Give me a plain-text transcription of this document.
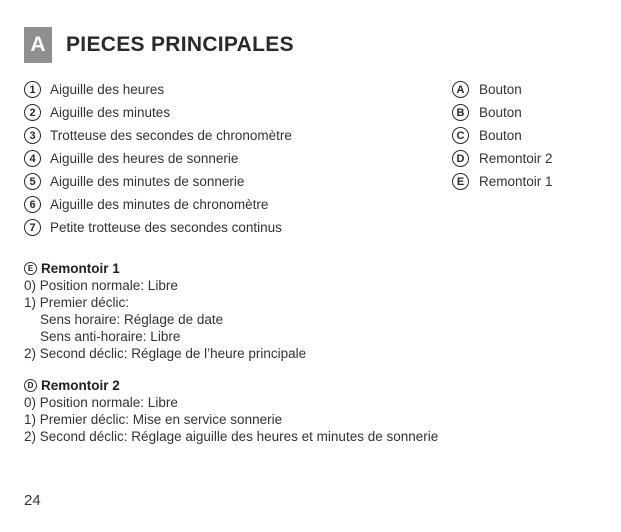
A PIECES PRINCIPALES
1	Aiguille des heures
2	Aiguille des minutes
3	Trotteuse des secondes de chronomètre
4	Aiguille des heures de sonnerie
5	Aiguille des minutes de sonnerie
6	Aiguille des minutes de chronomètre
7	Petite trotteuse des secondes continus
A	Bouton
B	Bouton
C	Bouton
D	Remontoir 2
E	Remontoir 1
E Remontoir 1
0) Position normale: Libre
1) Premier déclic:
Sens horaire: Réglage de date
Sens anti-horaire: Libre
2) Second déclic: Réglage de l’heure principale
D Remontoir 2
0) Position normale: Libre
1) Premier déclic: Mise en service sonnerie
2) Second déclic: Réglage aiguille des heures et minutes de sonnerie
24
